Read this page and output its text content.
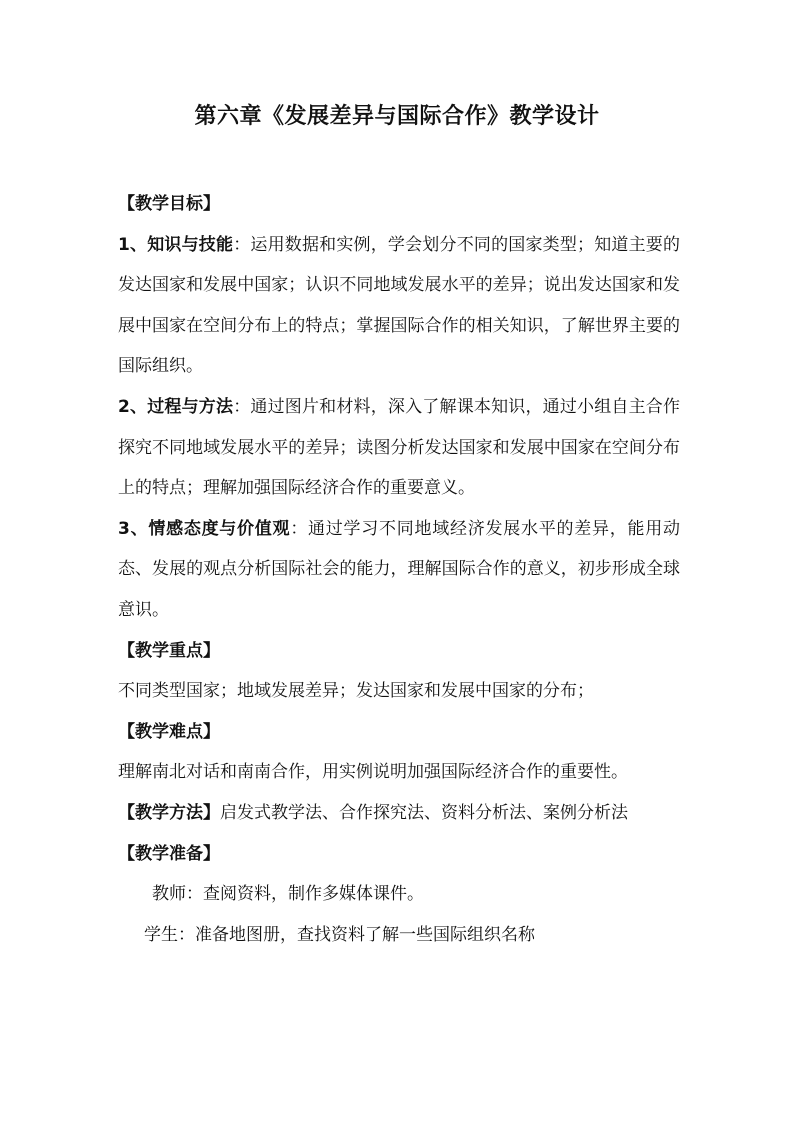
第六章《发展差异与国际合作》教学设计

【教学目标】

1、知识与技能：运用数据和实例，学会划分不同的国家类型；知道主要的发达国家和发展中国家；认识不同地域发展水平的差异；说出发达国家和发展中国家在空间分布上的特点；掌握国际合作的相关知识，了解世界主要的国际组织。

2、过程与方法：通过图片和材料，深入了解课本知识，通过小组自主合作探究不同地域发展水平的差异；读图分析发达国家和发展中国家在空间分布上的特点；理解加强国际经济合作的重要意义。

3、情感态度与价值观：通过学习不同地域经济发展水平的差异，能用动态、发展的观点分析国际社会的能力，理解国际合作的意义，初步形成全球意识。

【教学重点】

不同类型国家；地域发展差异；发达国家和发展中国家的分布；

【教学难点】

理解南北对话和南南合作，用实例说明加强国际经济合作的重要性。

【教学方法】启发式教学法、合作探究法、资料分析法、案例分析法

【教学准备】

教师：查阅资料，制作多媒体课件。

学生：准备地图册，查找资料了解一些国际组织名称
